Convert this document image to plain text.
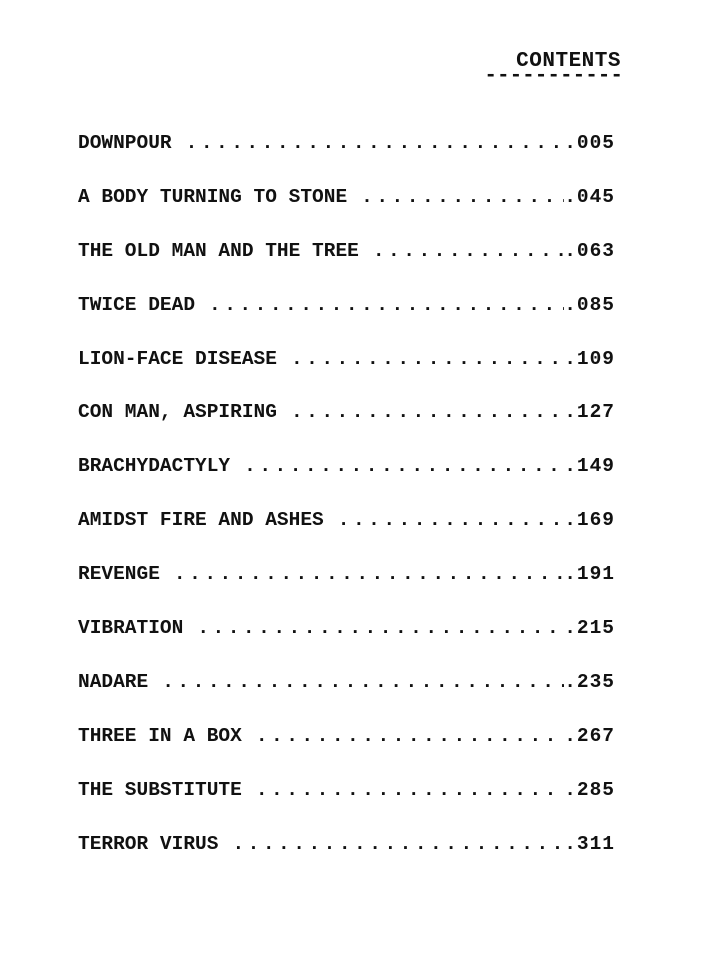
CONTENTS
DOWNPOUR .....	.005
A BODY TURNING TO STONE .....	.045
THE OLD MAN AND THE TREE .....	.063
TWICE DEAD .....	.085
LION-FACE DISEASE .....	.109
CON MAN, ASPIRING .....	.127
BRACHYDACTYLY .....	.149
AMIDST FIRE AND ASHES .....	.169
REVENGE .....	.191
VIBRATION .....	.215
NADARE .....	.235
THREE IN A BOX .....	.267
THE SUBSTITUTE .....	.285
TERROR VIRUS .....	.311
